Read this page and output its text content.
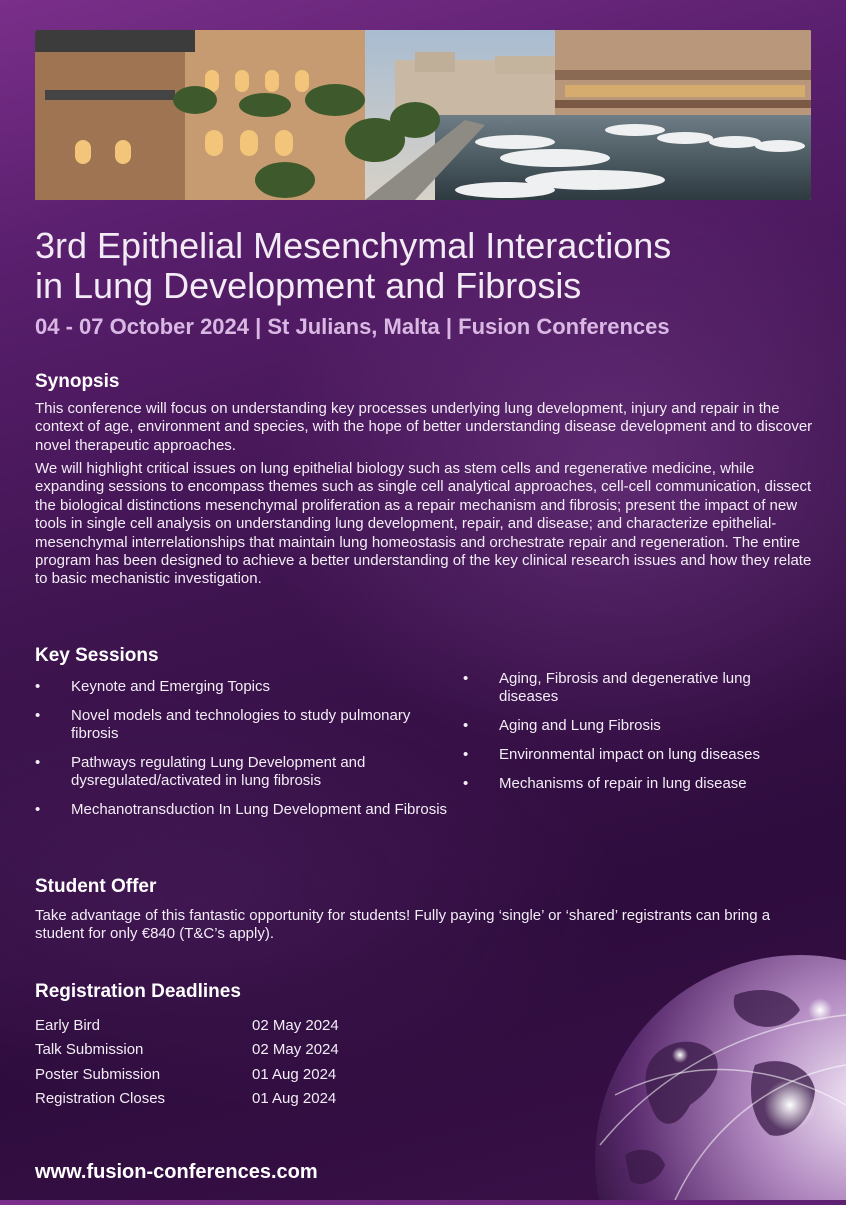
3rd Epithelial Mesenchymal Interactions
in Lung Development and Fibrosis
04 - 07 October 2024 | St Julians, Malta | Fusion Conferences
Synopsis

This conference will focus on understanding key processes underlying lung development, injury and repair in the context of age, environment and species, with the hope of better understanding disease development and to discover novel therapeutic approaches.

We will highlight critical issues on lung epithelial biology such as stem cells and regenerative medicine, while expanding sessions to encompass themes such as single cell analytical approaches, cell-cell communication, dissect the biological distinctions mesenchymal proliferation as a repair mechanism and fibrosis; present the impact of new tools in single cell analysis on understanding lung development, repair, and disease; and characterize epithelial-mesenchymal interrelationships that maintain lung homeostasis and orchestrate repair and regeneration. The entire program has been designed to achieve a better understanding of the key clinical research issues and how they relate to basic mechanistic investigation.

Key Sessions
• Keynote and Emerging Topics
• Novel models and technologies to study pulmonary fibrosis
• Pathways regulating Lung Development and dysregulated/activated in lung fibrosis
• Mechanotransduction In Lung Development and Fibrosis
• Aging, Fibrosis and degenerative lung diseases
• Aging and Lung Fibrosis
• Environmental impact on lung diseases
• Mechanisms of repair in lung disease
Student Offer

Take advantage of this fantastic opportunity for students! Fully paying ‘single’ or ‘shared’ registrants can bring a student for only €840 (T&C’s apply).

Registration Deadlines
Early Bird	02 May 2024
Talk Submission	02 May 2024
Poster Submission	01 Aug 2024
Registration Closes	01 Aug 2024
www.fusion-conferences.com
